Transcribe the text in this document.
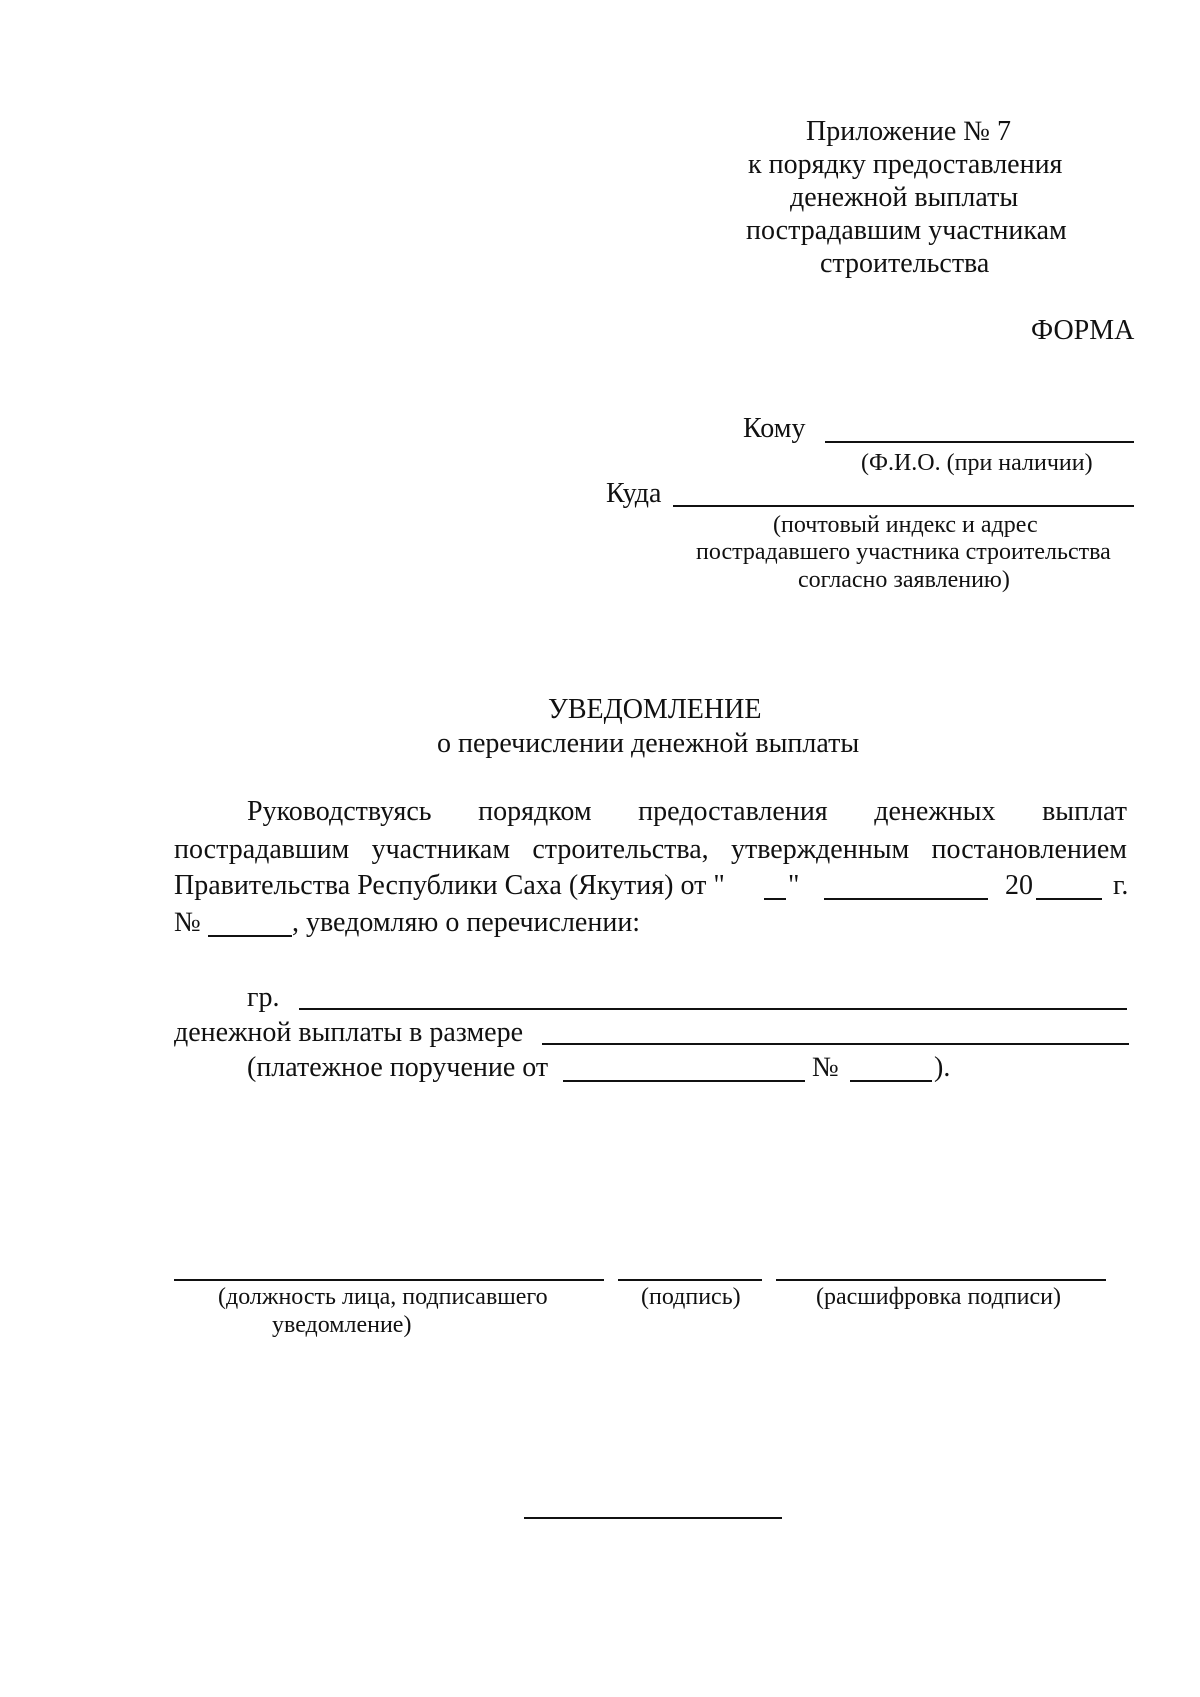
Приложение № 7

к порядку предоставления

денежной выплаты

пострадавшим участникам

строительства

ФОРМА

Кому

(Ф.И.О. (при наличии)

Куда

(почтовый индекс и адрес

пострадавшего участника строительства

согласно заявлению)

УВЕДОМЛЕНИЕ

о перечислении денежной выплаты

Руководствуясь порядком предоставления денежных выплат
пострадавшим участникам строительства, утвержденным постановлением

Правительства Республики Саха (Якутия) от " "	20	г.

№	, уведомляю о перечислении:

гр.

денежной выплаты в размере

(платежное поручение от	№	).

(должность лица, подписавшего

уведомление)

(подпись)	(расшифровка подписи)
